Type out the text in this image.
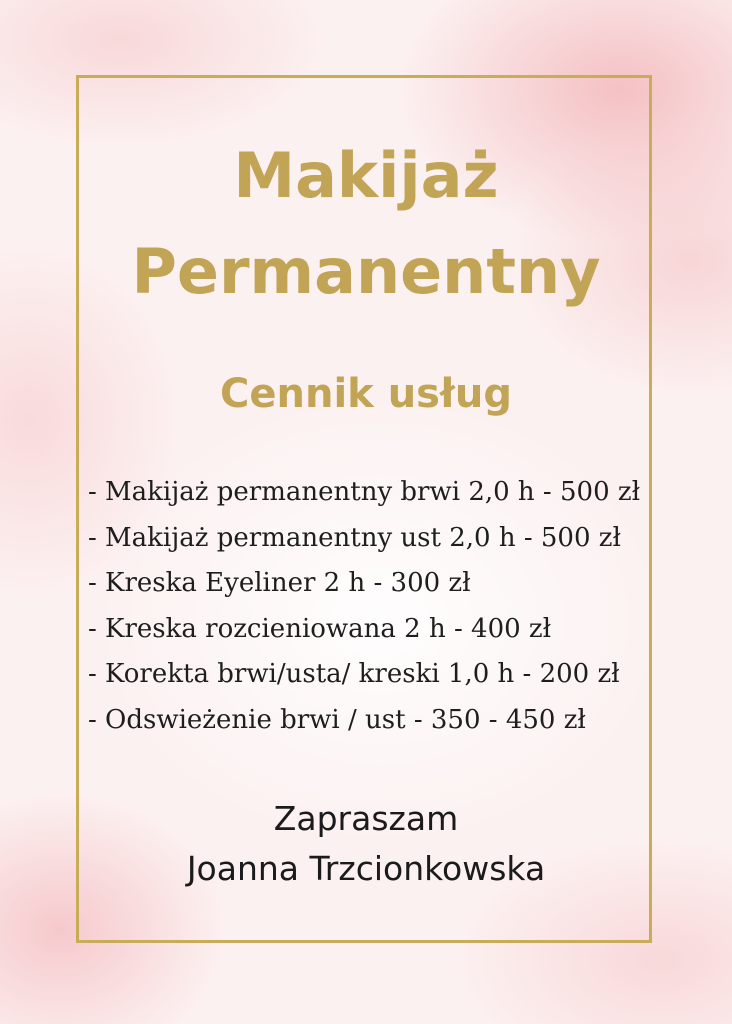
Makijaż
Permanentny
Cennik usług
- Makijaż permanentny brwi 2,0 h - 500 zł
- Makijaż permanentny ust 2,0 h - 500 zł
- Kreska Eyeliner 2 h - 300 zł
- Kreska rozcieniowana 2 h - 400 zł
- Korekta brwi/usta/ kreski 1,0 h - 200 zł
- Odswieżenie brwi / ust - 350 - 450 zł

Zapraszam

Joanna Trzcionkowska
